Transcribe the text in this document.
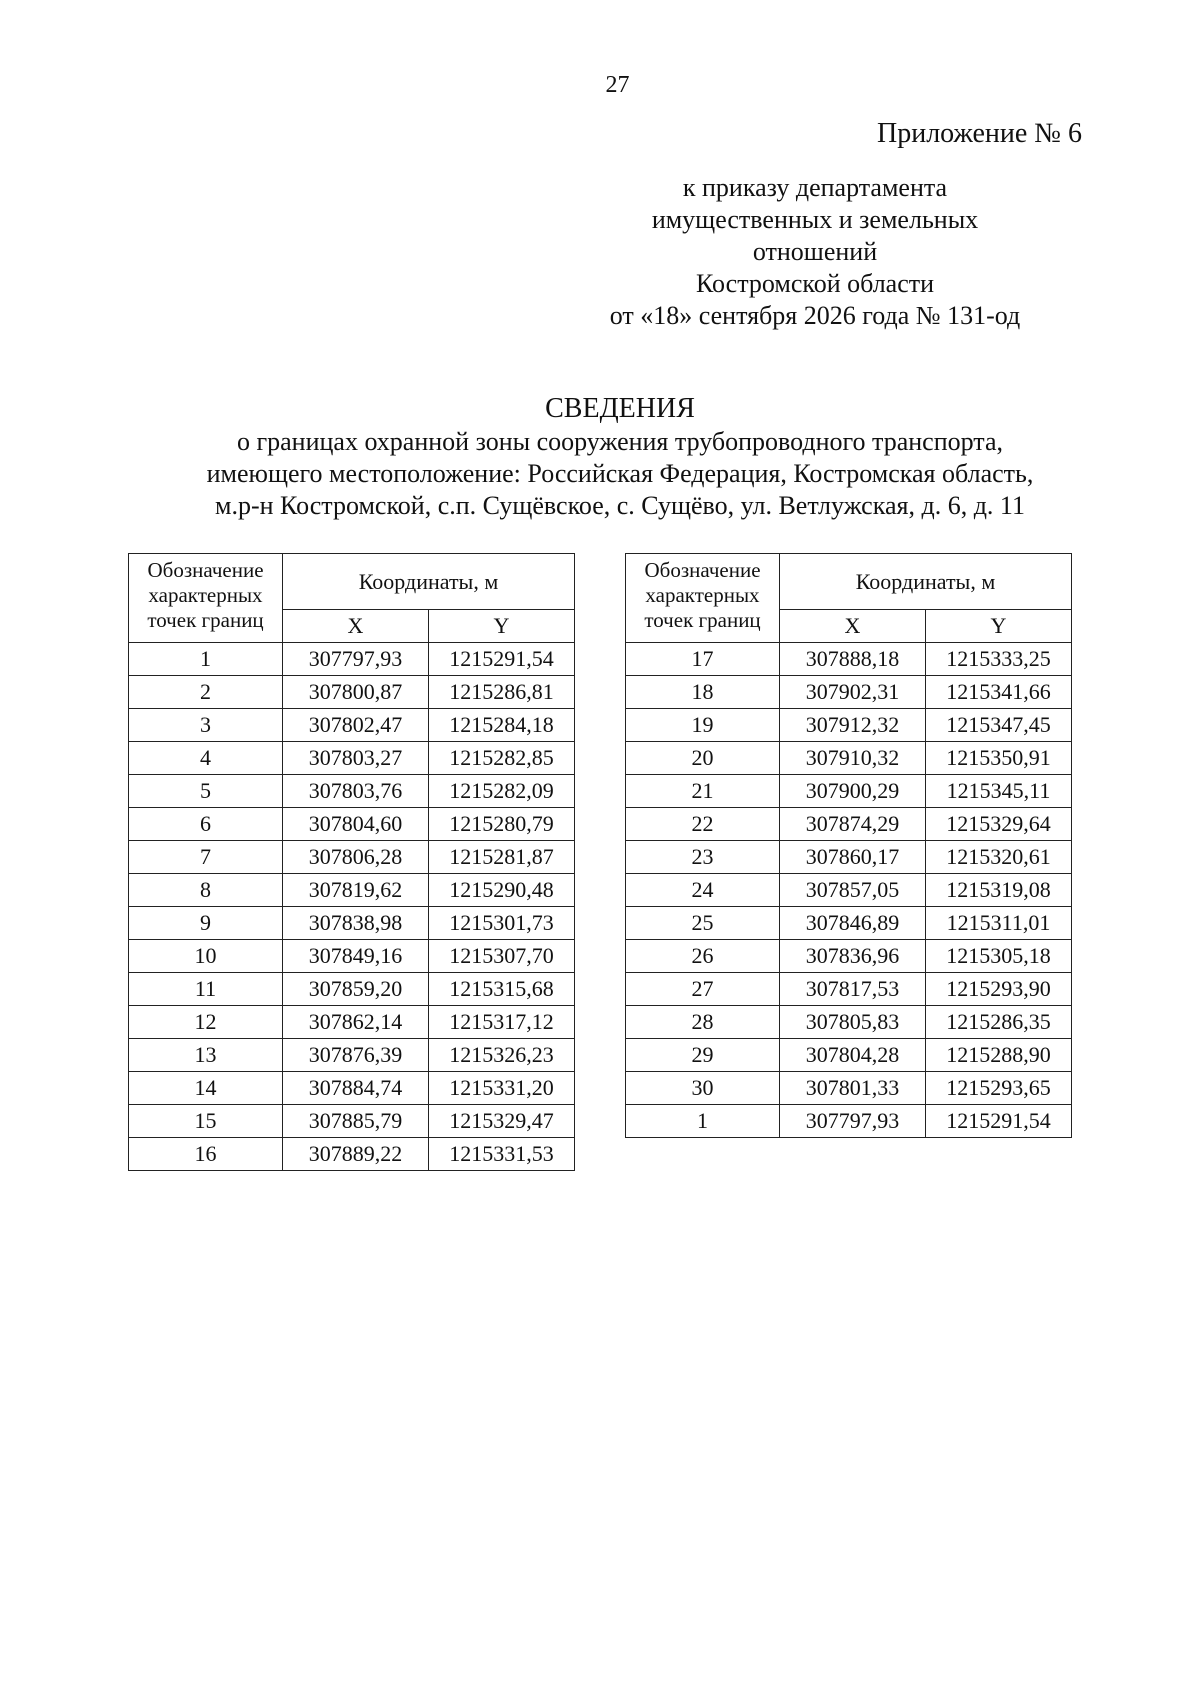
27
Приложение № 6
к приказу департамента
имущественных и земельных
отношений
Костромской области
от «18» сентября 2026 года № 131-од
СВЕДЕНИЯ
о границах охранной зоны сооружения трубопроводного транспорта,
имеющего местоположение: Российская Федерация, Костромская область,
м.р-н Костромской, с.п. Сущёвское, с. Сущёво, ул. Ветлужская, д. 6, д. 11
Обозначение характерных точек границ	Координаты, м	
	X	Y
1	307797,93	1215291,54
2	307800,87	1215286,81
3	307802,47	1215284,18
4	307803,27	1215282,85
5	307803,76	1215282,09
6	307804,60	1215280,79
7	307806,28	1215281,87
8	307819,62	1215290,48
9	307838,98	1215301,73
10	307849,16	1215307,70
11	307859,20	1215315,68
12	307862,14	1215317,12
13	307876,39	1215326,23
14	307884,74	1215331,20
15	307885,79	1215329,47
16	307889,22	1215331,53
Обозначение характерных точек границ	Координаты, м	
	X	Y
17	307888,18	1215333,25
18	307902,31	1215341,66
19	307912,32	1215347,45
20	307910,32	1215350,91
21	307900,29	1215345,11
22	307874,29	1215329,64
23	307860,17	1215320,61
24	307857,05	1215319,08
25	307846,89	1215311,01
26	307836,96	1215305,18
27	307817,53	1215293,90
28	307805,83	1215286,35
29	307804,28	1215288,90
30	307801,33	1215293,65
1	307797,93	1215291,54
